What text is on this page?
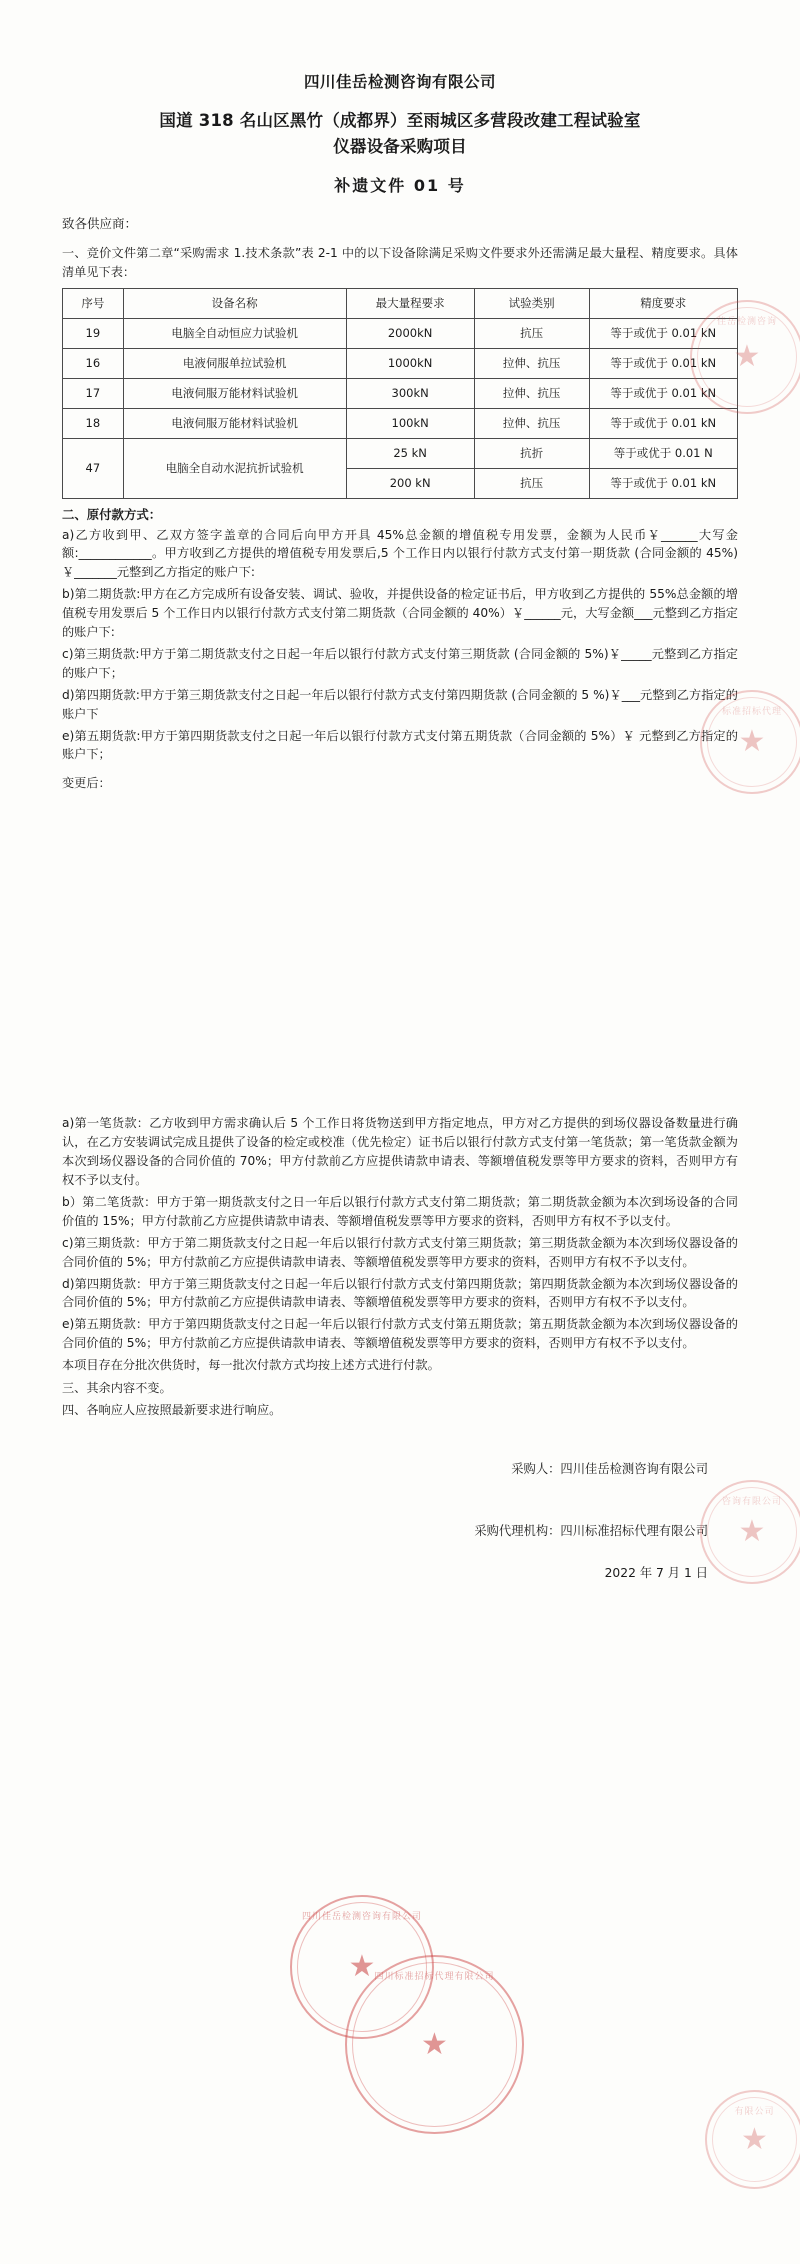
佳岳检测咨询
★
标准招标代理
★
咨询有限公司
★
四川佳岳检测咨询有限公司
★ 四川标准招标代理有限公司
★
有限公司
★
四川佳岳检测咨询有限公司
国道 318 名山区黑竹（成都界）至雨城区多营段改建工程试验室
仪器设备采购项目
补遗文件 01 号
致各供应商：
一、竞价文件第二章“采购需求 1.技术条款”表 2-1 中的以下设备除满足采购文件要求外还需满足最大量程、精度要求。具体清单见下表：
序号	设备名称	最大量程要求	试验类别	精度要求
19	电脑全自动恒应力试验机	2000kN	抗压	等于或优于 0.01 kN
16	电液伺服单拉试验机	1000kN	拉伸、抗压	等于或优于 0.01 kN
17	电液伺服万能材料试验机	300kN	拉伸、抗压	等于或优于 0.01 kN
18	电液伺服万能材料试验机	100kN	拉伸、抗压	等于或优于 0.01 kN
47	电脑全自动水泥抗折试验机	25 kN	抗折	等于或优于 0.01 N
		200 kN	抗压	等于或优于 0.01 kN
二、原付款方式：
a)乙方收到甲、乙双方签字盖章的合同后向甲方开具 45%总金额的增值税专用发票，金额为人民币￥______大写金额:____________。甲方收到乙方提供的增值税专用发票后,5 个工作日内以银行付款方式支付第一期货款 (合同金额的 45%)￥_______元整到乙方指定的账户下:
b)第二期货款:甲方在乙方完成所有设备安装、调试、验收，并提供设备的检定证书后，甲方收到乙方提供的 55%总金额的增值税专用发票后 5 个工作日内以银行付款方式支付第二期货款（合同金额的 40%）￥______元，大写金额___元整到乙方指定的账户下:
c)第三期货款:甲方于第二期货款支付之日起一年后以银行付款方式支付第三期货款 (合同金额的 5%)￥_____元整到乙方指定的账户下；
d)第四期货款:甲方于第三期货款支付之日起一年后以银行付款方式支付第四期货款 (合同金额的 5 %)￥___元整到乙方指定的账户下
e)第五期货款:甲方于第四期货款支付之日起一年后以银行付款方式支付第五期货款（合同金额的 5%）￥ 元整到乙方指定的账户下；
变更后：
a)第一笔货款：乙方收到甲方需求确认后 5 个工作日将货物送到甲方指定地点，甲方对乙方提供的到场仪器设备数量进行确认，在乙方安装调试完成且提供了设备的检定或校准（优先检定）证书后以银行付款方式支付第一笔货款；第一笔货款金额为本次到场仪器设备的合同价值的 70%；甲方付款前乙方应提供请款申请表、等额增值税发票等甲方要求的资料，否则甲方有权不予以支付。
b）第二笔货款：甲方于第一期货款支付之日一年后以银行付款方式支付第二期货款；第二期货款金额为本次到场设备的合同价值的 15%；甲方付款前乙方应提供请款申请表、等额增值税发票等甲方要求的资料，否则甲方有权不予以支付。
c)第三期货款：甲方于第二期货款支付之日起一年后以银行付款方式支付第三期货款；第三期货款金额为本次到场仪器设备的合同价值的 5%；甲方付款前乙方应提供请款申请表、等额增值税发票等甲方要求的资料，否则甲方有权不予以支付。
d)第四期货款：甲方于第三期货款支付之日起一年后以银行付款方式支付第四期货款；第四期货款金额为本次到场仪器设备的合同价值的 5%；甲方付款前乙方应提供请款申请表、等额增值税发票等甲方要求的资料，否则甲方有权不予以支付。
e)第五期货款：甲方于第四期货款支付之日起一年后以银行付款方式支付第五期货款；第五期货款金额为本次到场仪器设备的合同价值的 5%；甲方付款前乙方应提供请款申请表、等额增值税发票等甲方要求的资料，否则甲方有权不予以支付。
本项目存在分批次供货时，每一批次付款方式均按上述方式进行付款。
三、其余内容不变。
四、各响应人应按照最新要求进行响应。

采购人：四川佳岳检测咨询有限公司

采购代理机构：四川标准招标代理有限公司

2022 年 7 月 1 日
